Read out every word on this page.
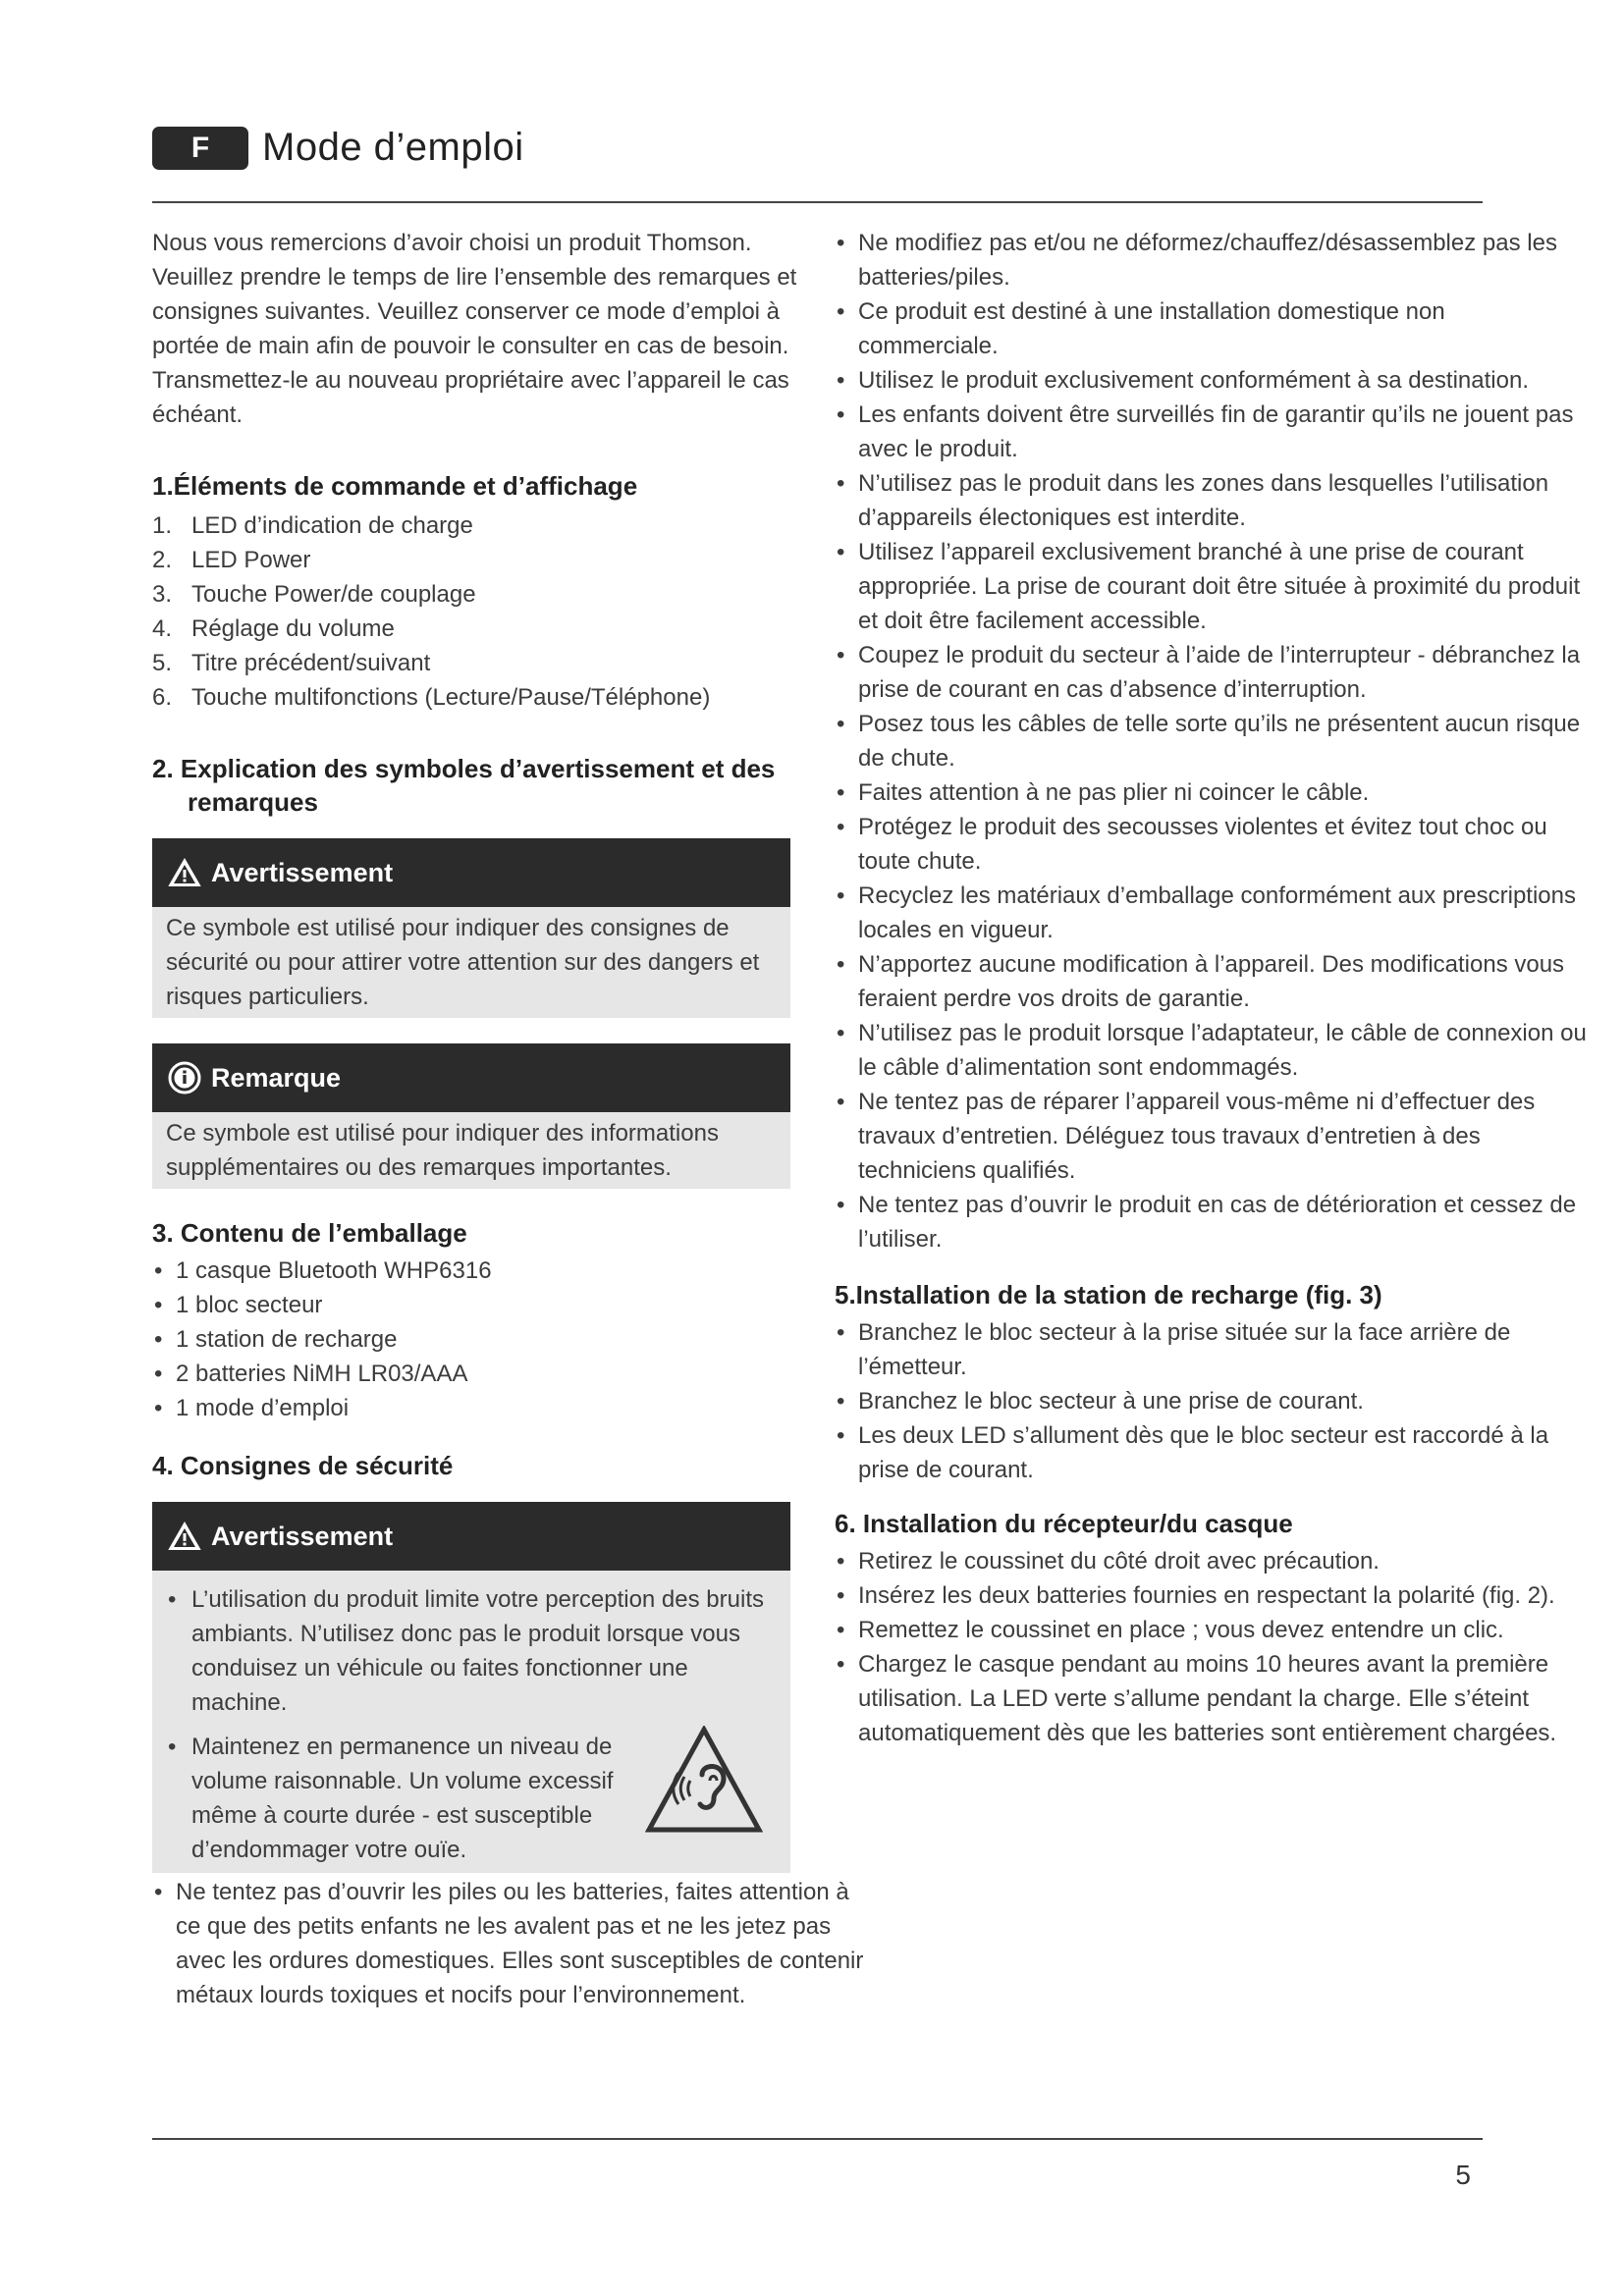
F	Mode d’emploi

Nous vous remercions d’avoir choisi un produit Thomson. Veuillez prendre le temps de lire l’ensemble des remarques et consignes suivantes. Veuillez conserver ce mode d’emploi à portée de main afin de pouvoir le consulter en cas de besoin. Transmettez-le au nouveau propriétaire avec l’appareil le cas échéant.

1.Éléments de commande et d’affichage
1. LED d’indication de charge
2. LED Power
3. Touche Power/de couplage
4. Réglage du volume
5. Titre précédent/suivant
6. Touche multifonctions (Lecture/Pause/Téléphone)
2. Explication des symboles d’avertissement et des remarques
Avertissement

Ce symbole est utilisé pour indiquer des consignes de sécurité ou pour attirer votre attention sur des dangers et risques particuliers.

Remarque

Ce symbole est utilisé pour indiquer des informations supplémentaires ou des remarques importantes.

3. Contenu de l’emballage
• 1 casque Bluetooth WHP6316
• 1 bloc secteur
• 1 station de recharge
• 2 batteries NiMH LR03/AAA
• 1 mode d’emploi
4. Consignes de sécurité
Avertissement
• L’utilisation du produit limite votre perception des bruits ambiants. N’utilisez donc pas le produit lorsque vous conduisez un véhicule ou faites fonctionner une machine.
• Maintenez en permanence un niveau de volume raisonnable. Un volume excessif même à courte durée - est susceptible d’endommager votre ouïe.
• Ne tentez pas d’ouvrir les piles ou les batteries, faites attention à ce que des petits enfants ne les avalent pas et ne les jetez pas avec les ordures domestiques. Elles sont susceptibles de contenir métaux lourds toxiques et nocifs pour l’environnement.
• Ne modifiez pas et/ou ne déformez/chauffez/désassemblez pas les batteries/piles.
• Ce produit est destiné à une installation domestique non commerciale.
• Utilisez le produit exclusivement conformément à sa destination.
• Les enfants doivent être surveillés fin de garantir qu’ils ne jouent pas avec le produit.
• N’utilisez pas le produit dans les zones dans lesquelles l’utilisation d’appareils électoniques est interdite.
• Utilisez l’appareil exclusivement branché à une prise de courant appropriée. La prise de courant doit être située à proximité du produit et doit être facilement accessible.
• Coupez le produit du secteur à l’aide de l’interrupteur - débranchez la prise de courant en cas d’absence d’interruption.
• Posez tous les câbles de telle sorte qu’ils ne présentent aucun risque de chute.
• Faites attention à ne pas plier ni coincer le câble.
• Protégez le produit des secousses violentes et évitez tout choc ou toute chute.
• Recyclez les matériaux d’emballage conformément aux prescriptions locales en vigueur.
• N’apportez aucune modification à l’appareil. Des modifications vous feraient perdre vos droits de garantie.
• N’utilisez pas le produit lorsque l’adaptateur, le câble de connexion ou le câble d’alimentation sont endommagés.
• Ne tentez pas de réparer l’appareil vous-même ni d’effectuer des travaux d’entretien. Déléguez tous travaux d’entretien à des techniciens qualifiés.
• Ne tentez pas d’ouvrir le produit en cas de détérioration et cessez de l’utiliser.
5.Installation de la station de recharge (fig. 3)
• Branchez le bloc secteur à la prise située sur la face arrière de l’émetteur.
• Branchez le bloc secteur à une prise de courant.
• Les deux LED s’allument dès que le bloc secteur est raccordé à la prise de courant.
6. Installation du récepteur/du casque
• Retirez le coussinet du côté droit avec précaution.
• Insérez les deux batteries fournies en respectant la polarité (fig. 2).
• Remettez le coussinet en place ; vous devez entendre un clic.
• Chargez le casque pendant au moins 10 heures avant la première utilisation. La LED verte s’allume pendant la charge. Elle s’éteint automatiquement dès que les batteries sont entièrement chargées.
5
